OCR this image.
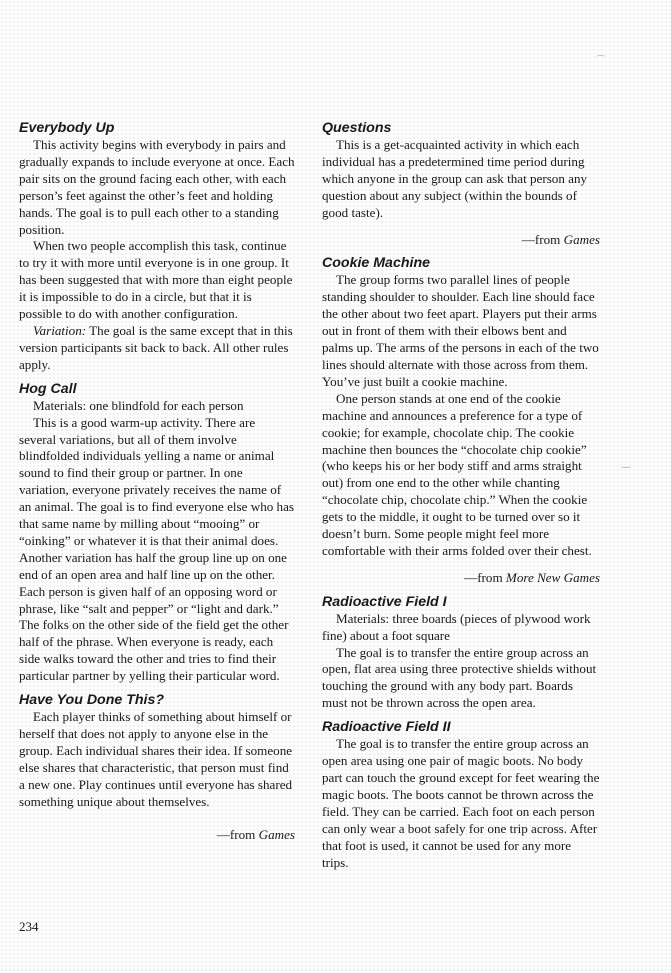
⌒
—
Everybody Up

This activity begins with everybody in pairs and gradually expands to include everyone at once. Each pair sits on the ground facing each other, with each person’s feet against the other’s feet and holding hands. The goal is to pull each other to a standing position.

When two people accomplish this task, continue to try it with more until everyone is in one group. It has been suggested that with more than eight people it is impossible to do in a circle, but that it is possible to do with another configuration.

Variation: The goal is the same except that in this version participants sit back to back. All other rules apply.

Hog Call

Materials: one blindfold for each person

This is a good warm-up activity. There are several variations, but all of them involve blindfolded individuals yelling a name or animal sound to find their group or partner. In one variation, everyone privately receives the name of an animal. The goal is to find everyone else who has that same name by milling about “mooing” or “oinking” or whatever it is that their animal does. Another variation has half the group line up on one end of an open area and half line up on the other. Each person is given half of an opposing word or phrase, like “salt and pepper” or “light and dark.” The folks on the other side of the field get the other half of the phrase. When everyone is ready, each side walks toward the other and tries to find their particular partner by yelling their particular word.

Have You Done This?

Each player thinks of something about himself or herself that does not apply to anyone else in the group. Each individual shares their idea. If someone else shares that characteristic, that person must find a new one. Play continues until everyone has shared something unique about themselves.

—from Games

Questions

This is a get-acquainted activity in which each individual has a predetermined time period during which anyone in the group can ask that person any question about any subject (within the bounds of good taste).

—from Games

Cookie Machine

The group forms two parallel lines of people standing shoulder to shoulder. Each line should face the other about two feet apart. Players put their arms out in front of them with their elbows bent and palms up. The arms of the persons in each of the two lines should alternate with those across from them. You’ve just built a cookie machine.

One person stands at one end of the cookie machine and announces a preference for a type of cookie; for example, chocolate chip. The cookie machine then bounces the “chocolate chip cookie” (who keeps his or her body stiff and arms straight out) from one end to the other while chanting “chocolate chip, chocolate chip.” When the cookie gets to the middle, it ought to be turned over so it doesn’t burn. Some people might feel more comfortable with their arms folded over their chest.

—from More New Games

Radioactive Field I

Materials: three boards (pieces of plywood work fine) about a foot square

The goal is to transfer the entire group across an open, flat area using three protective shields without touching the ground with any body part. Boards must not be thrown across the open area.

Radioactive Field II

The goal is to transfer the entire group across an open area using one pair of magic boots. No body part can touch the ground except for feet wearing the magic boots. The boots cannot be thrown across the field. They can be carried. Each foot on each person can only wear a boot safely for one trip across. After that foot is used, it cannot be used for any more trips.

234
